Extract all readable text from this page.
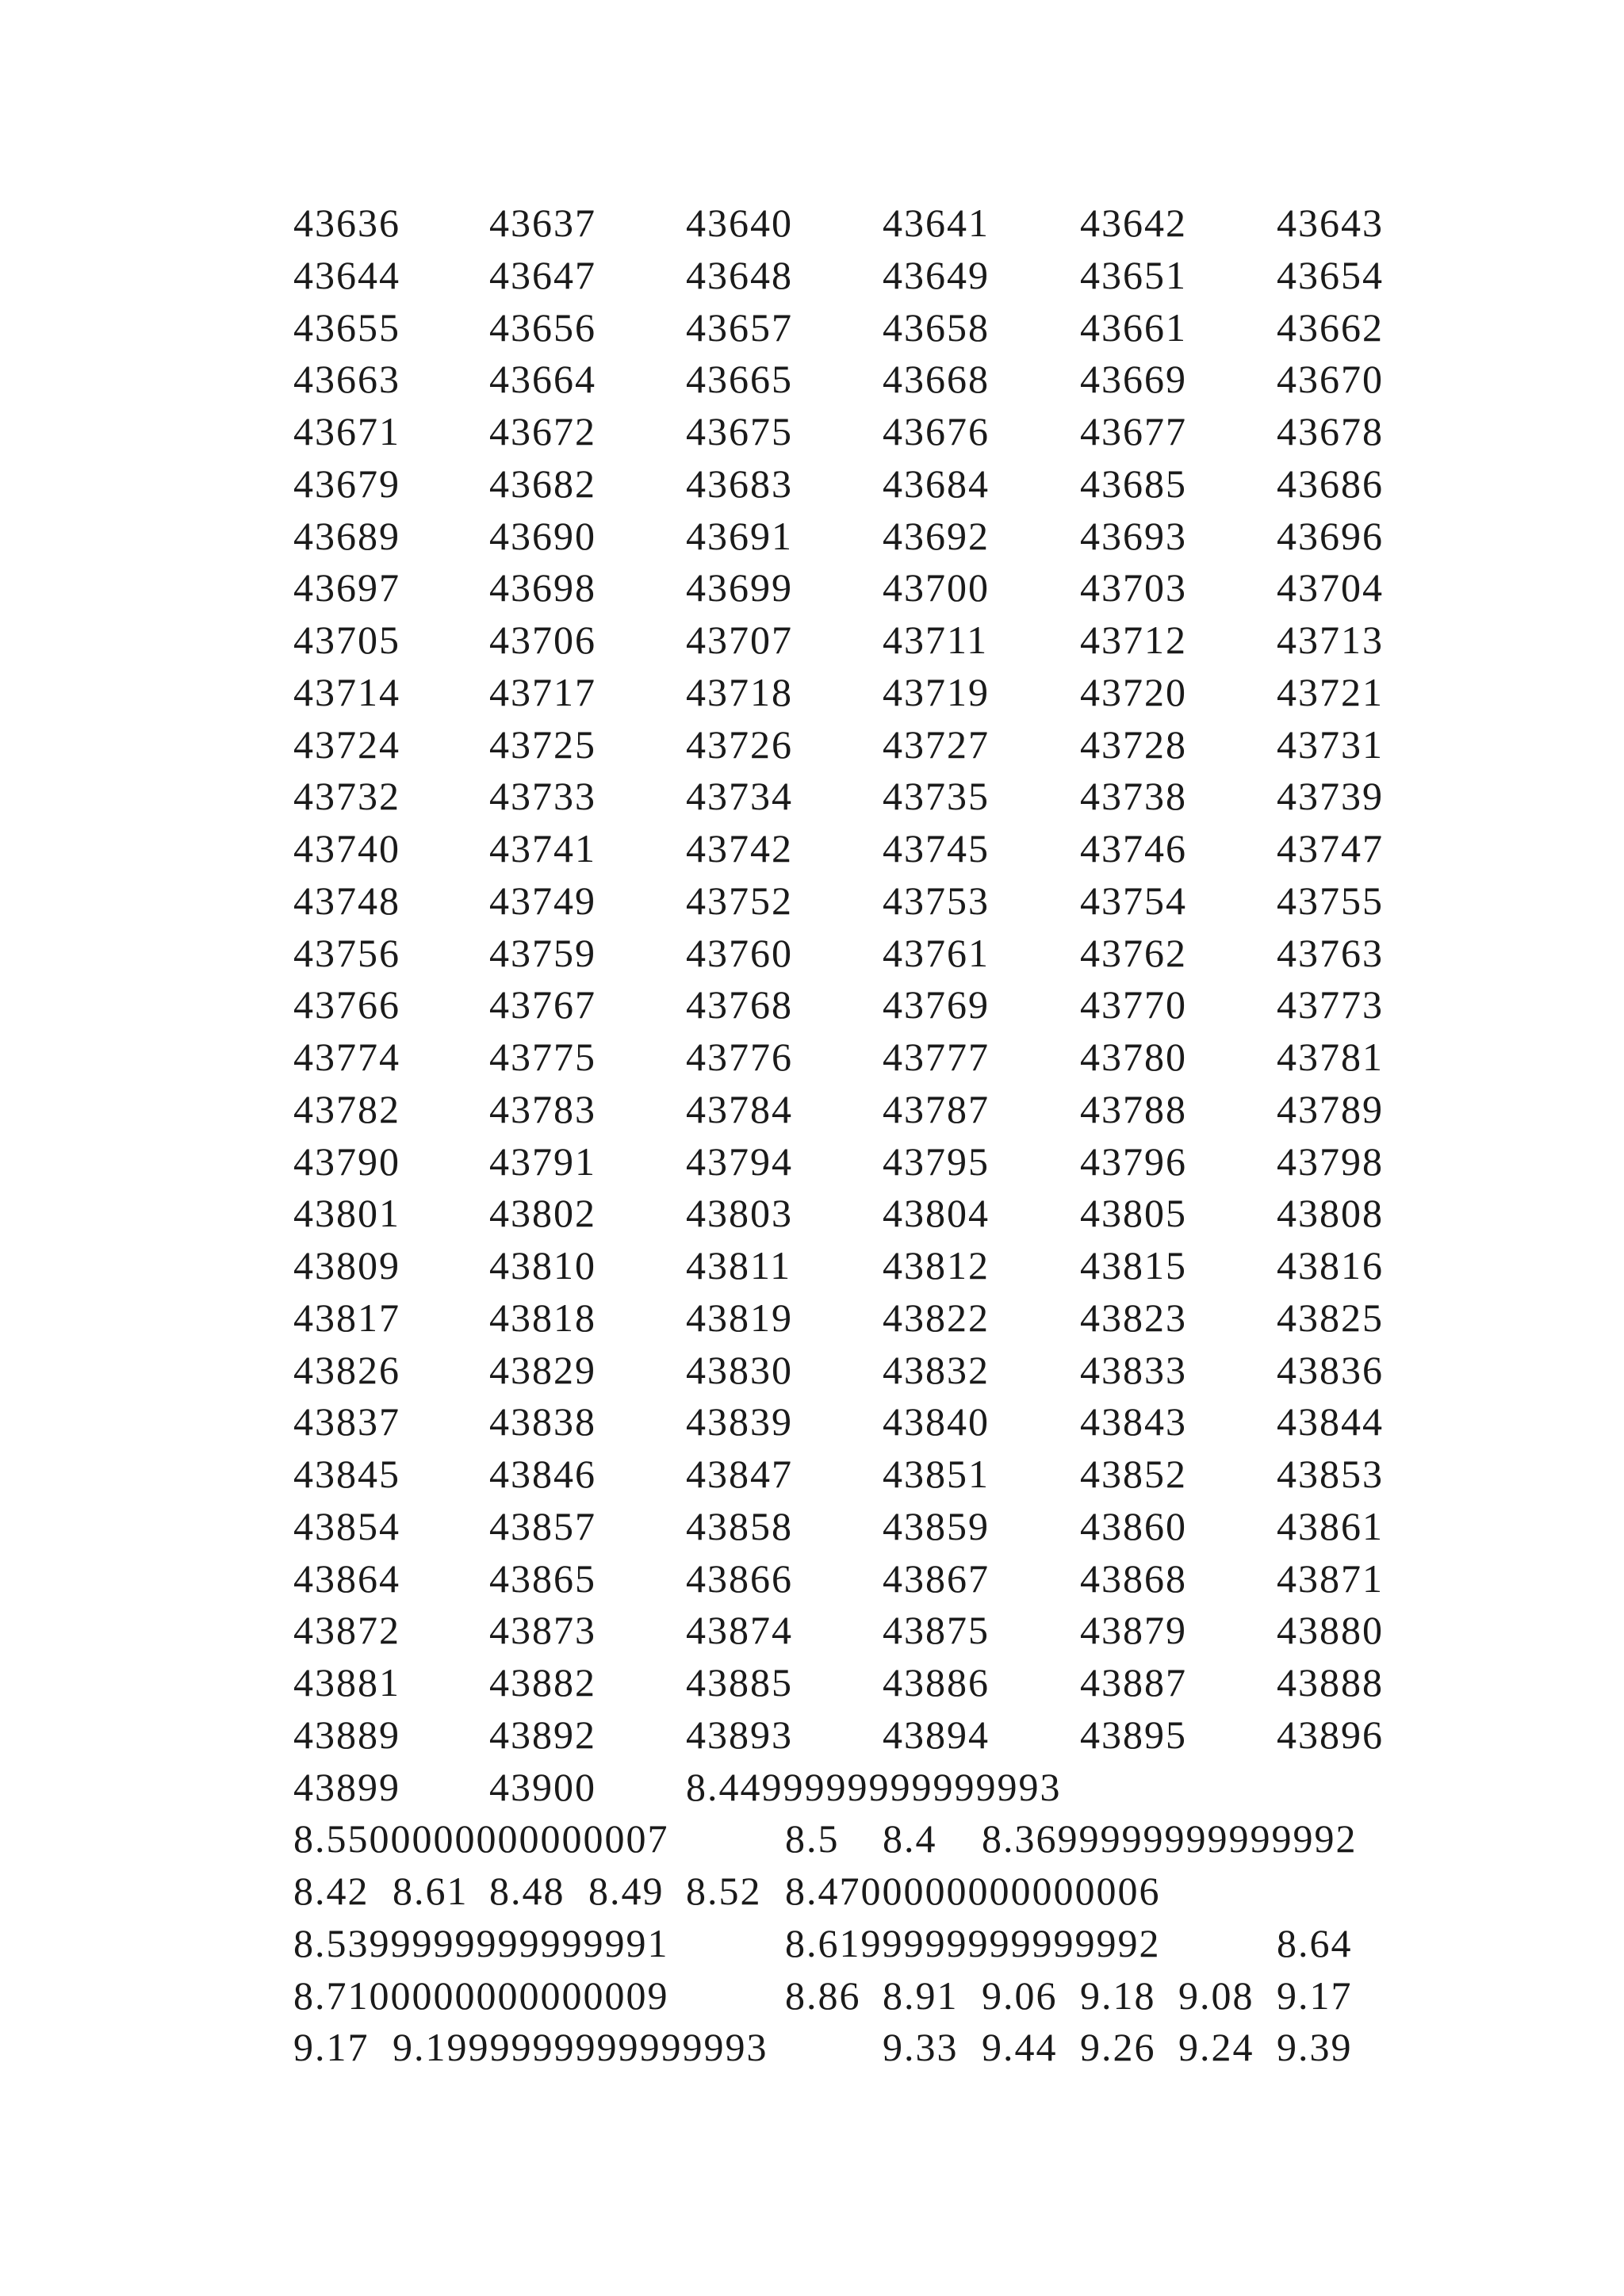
43636 43637 43640 43641 43642 43643
43644 43647 43648 43649 43651 43654
43655 43656 43657 43658 43661 43662
43663 43664 43665 43668 43669 43670
43671 43672 43675 43676 43677 43678
43679 43682 43683 43684 43685 43686
43689 43690 43691 43692 43693 43696
43697 43698 43699 43700 43703 43704
43705 43706 43707 43711 43712 43713
43714 43717 43718 43719 43720 43721
43724 43725 43726 43727 43728 43731
43732 43733 43734 43735 43738 43739
43740 43741 43742 43745 43746 43747
43748 43749 43752 43753 43754 43755
43756 43759 43760 43761 43762 43763
43766 43767 43768 43769 43770 43773
43774 43775 43776 43777 43780 43781
43782 43783 43784 43787 43788 43789
43790 43791 43794 43795 43796 43798
43801 43802 43803 43804 43805 43808
43809 43810 43811 43812 43815 43816
43817 43818 43819 43822 43823 43825
43826 43829 43830 43832 43833 43836
43837 43838 43839 43840 43843 43844
43845 43846 43847 43851 43852 43853
43854 43857 43858 43859 43860 43861
43864 43865 43866 43867 43868 43871
43872 43873 43874 43875 43879 43880
43881 43882 43885 43886 43887 43888
43889 43892 43893 43894 43895 43896
43899 43900 8.4499999999999993
8.5500000000000007	8.5 8.4 8.3699999999999992
8.42 8.61 8.48 8.49 8.52 8.4700000000000006
8.5399999999999991	8.6199999999999992	8.64
8.7100000000000009	8.86 8.91 9.06 9.18 9.08 9.17
9.17 9.1999999999999993	9.33 9.44 9.26 9.24 9.39
